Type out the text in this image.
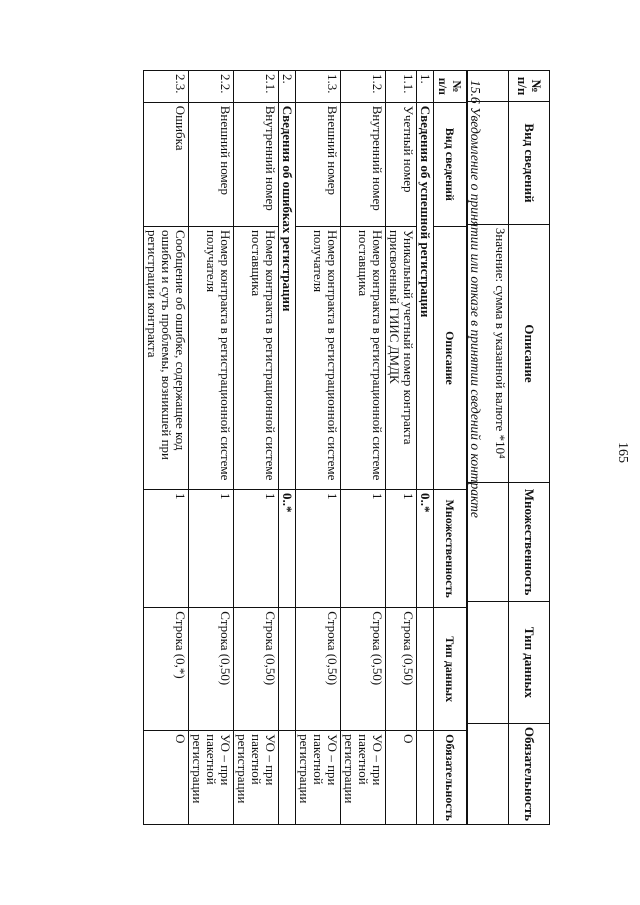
165
№ п/п	Вид сведений	Описание	Множественность	Тип данных	Обязательность
		Значение: сумма в указанной валюте *10⁴			
15.6 Уведомление о принятии или отказе в принятии сведений о контракте
№ п/п	Вид сведений	Описание	Множественность	Тип данных	Обязательность
1.	Сведения об успешной регистрации		0..*		
1.1.	Учетный номер	Уникальный учетный номер контракта присвоенный ГИИС ДМДК	1	Строка (0,50)	О
1.2.	Внутренний номер	Номер контракта в регистрационной системе поставщика	1	Строка (0,50)	УО – при пакетной регистрации
1.3.	Внешний номер	Номер контракта в регистрационной системе получателя	1	Строка (0,50)	УО – при пакетной регистрации
2.	Сведения об ошибках регистрации		0..*		
2.1.	Внутренний номер	Номер контракта в регистрационной системе поставщика	1	Строка (0,50)	УО – при пакетной регистрации
2.2.	Внешний номер	Номер контракта в регистрационной системе получателя	1	Строка (0,50)	УО – при пакетной регистрации
2.3.	Ошибка	Сообщение об ошибке, содержащее код ошибки и суть проблемы, возникшей при регистрации контракта	1	Строка (0,*)	О
